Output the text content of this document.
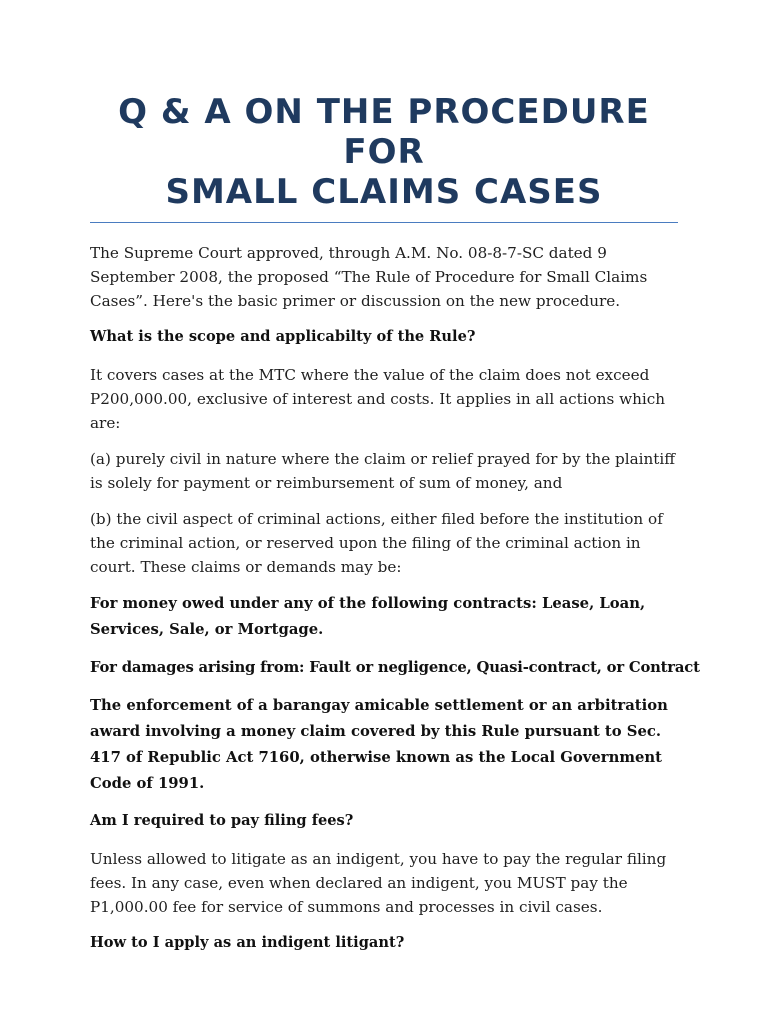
Q & A ON THE PROCEDURE FOR
SMALL CLAIMS CASES

The Supreme Court approved, through A.M. No. 08-8-7-SC dated 9 September 2008, the proposed “The Rule of Procedure for Small Claims Cases”. Here's the basic primer or discussion on the new procedure.

What is the scope and applicabilty of the Rule?

It covers cases at the MTC where the value of the claim does not exceed P200,000.00, exclusive of interest and costs. It applies in all actions which are:

(a) purely civil in nature where the claim or relief prayed for by the plaintiff is solely for payment or reimbursement of sum of money, and

(b) the civil aspect of criminal actions, either filed before the institution of the criminal action, or reserved upon the filing of the criminal action in court. These claims or demands may be:

For money owed under any of the following contracts: Lease, Loan, Services, Sale, or Mortgage.

For damages arising from: Fault or negligence, Quasi-contract, or Contract

The enforcement of a barangay amicable settlement or an arbitration award involving a money claim covered by this Rule pursuant to Sec. 417 of Republic Act 7160, otherwise known as the Local Government Code of 1991.

Am I required to pay filing fees?

Unless allowed to litigate as an indigent, you have to pay the regular filing fees. In any case, even when declared an indigent, you MUST pay the P1,000.00 fee for service of summons and processes in civil cases.

How to I apply as an indigent litigant?
